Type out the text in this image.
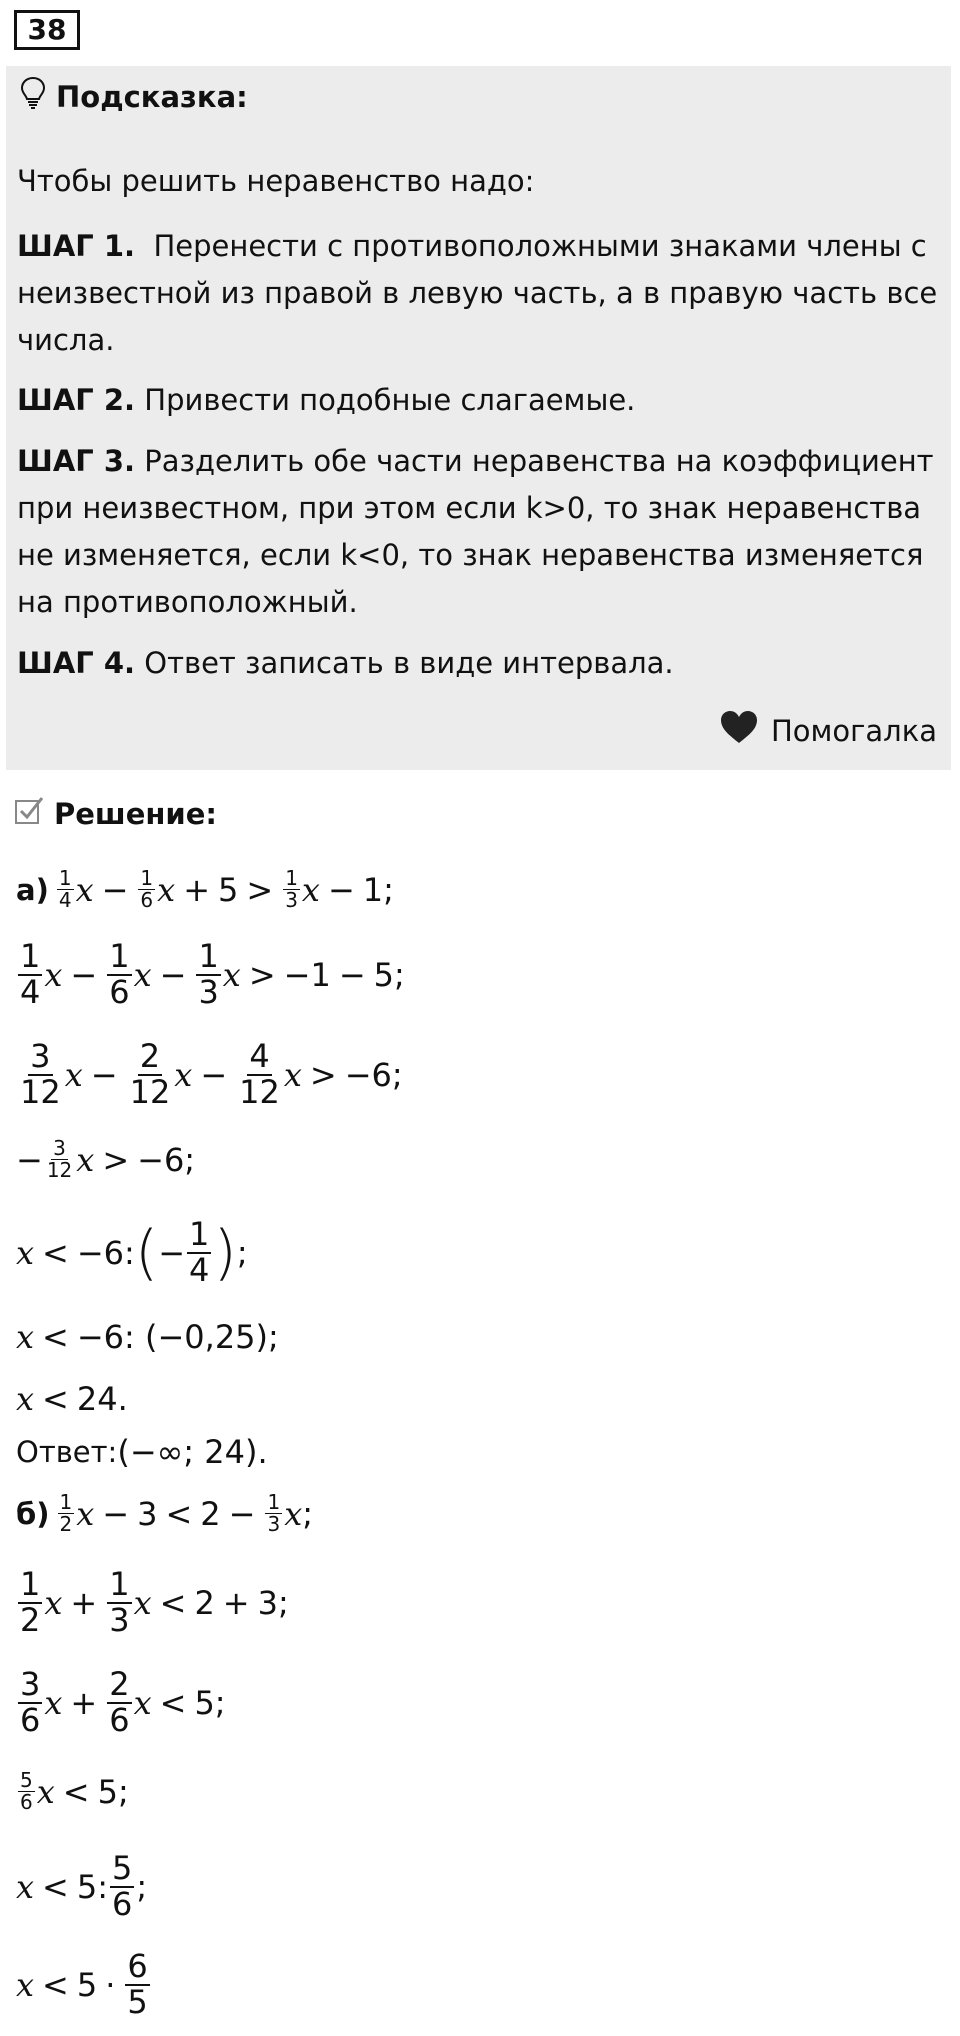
38
Подсказка:
Чтобы решить неравенство надо:
ШАГ 1. Перенести с противоположными знаками члены с
неизвестной из правой в левую часть, а в правую часть все
числа.
ШАГ 2. Привести подобные слагаемые.
ШАГ 3. Разделить обе части неравенства на коэффициент
при неизвестном, при этом если k>0, то знак неравенства
не изменяется, если k<0, то знак неравенства изменяется
на противоположный.
ШАГ 4. Ответ записать в виде интервала.
Помогалка
Решение:
$а) \frac{1}{4}$ $x - \frac{1}{6}$ $x + 5 > \frac{1}{3}$ x − 1;
$\frac{1}{4}$ $x - \frac{1}{6}$ $x - \frac{1}{3}$ x > −1 − 5;
$\frac{3}{12}$ $x - \frac{2}{12}$ $x - \frac{4}{12}$ x > −6;
− $\frac{3}{12}$ x > −6;
x < −6: ( − $\frac{1}{4}$ ) ;
x < −6: (−0,25);
x < 24.
Ответ: (−∞; 24).
$б) \frac{1}{2}$ $x - 3 < 2 - \frac{1}{3}$ x ;
$\frac{1}{2}$ $x + \frac{1}{3}$ x < 2 + 3;
$\frac{3}{6}$ $x + \frac{2}{6}$ x < 5;
$\frac{5}{6}$ x < 5;
x < 5: $\frac{5}{6}$ ;
$x < 5 \cdot \frac{6}{5}$
